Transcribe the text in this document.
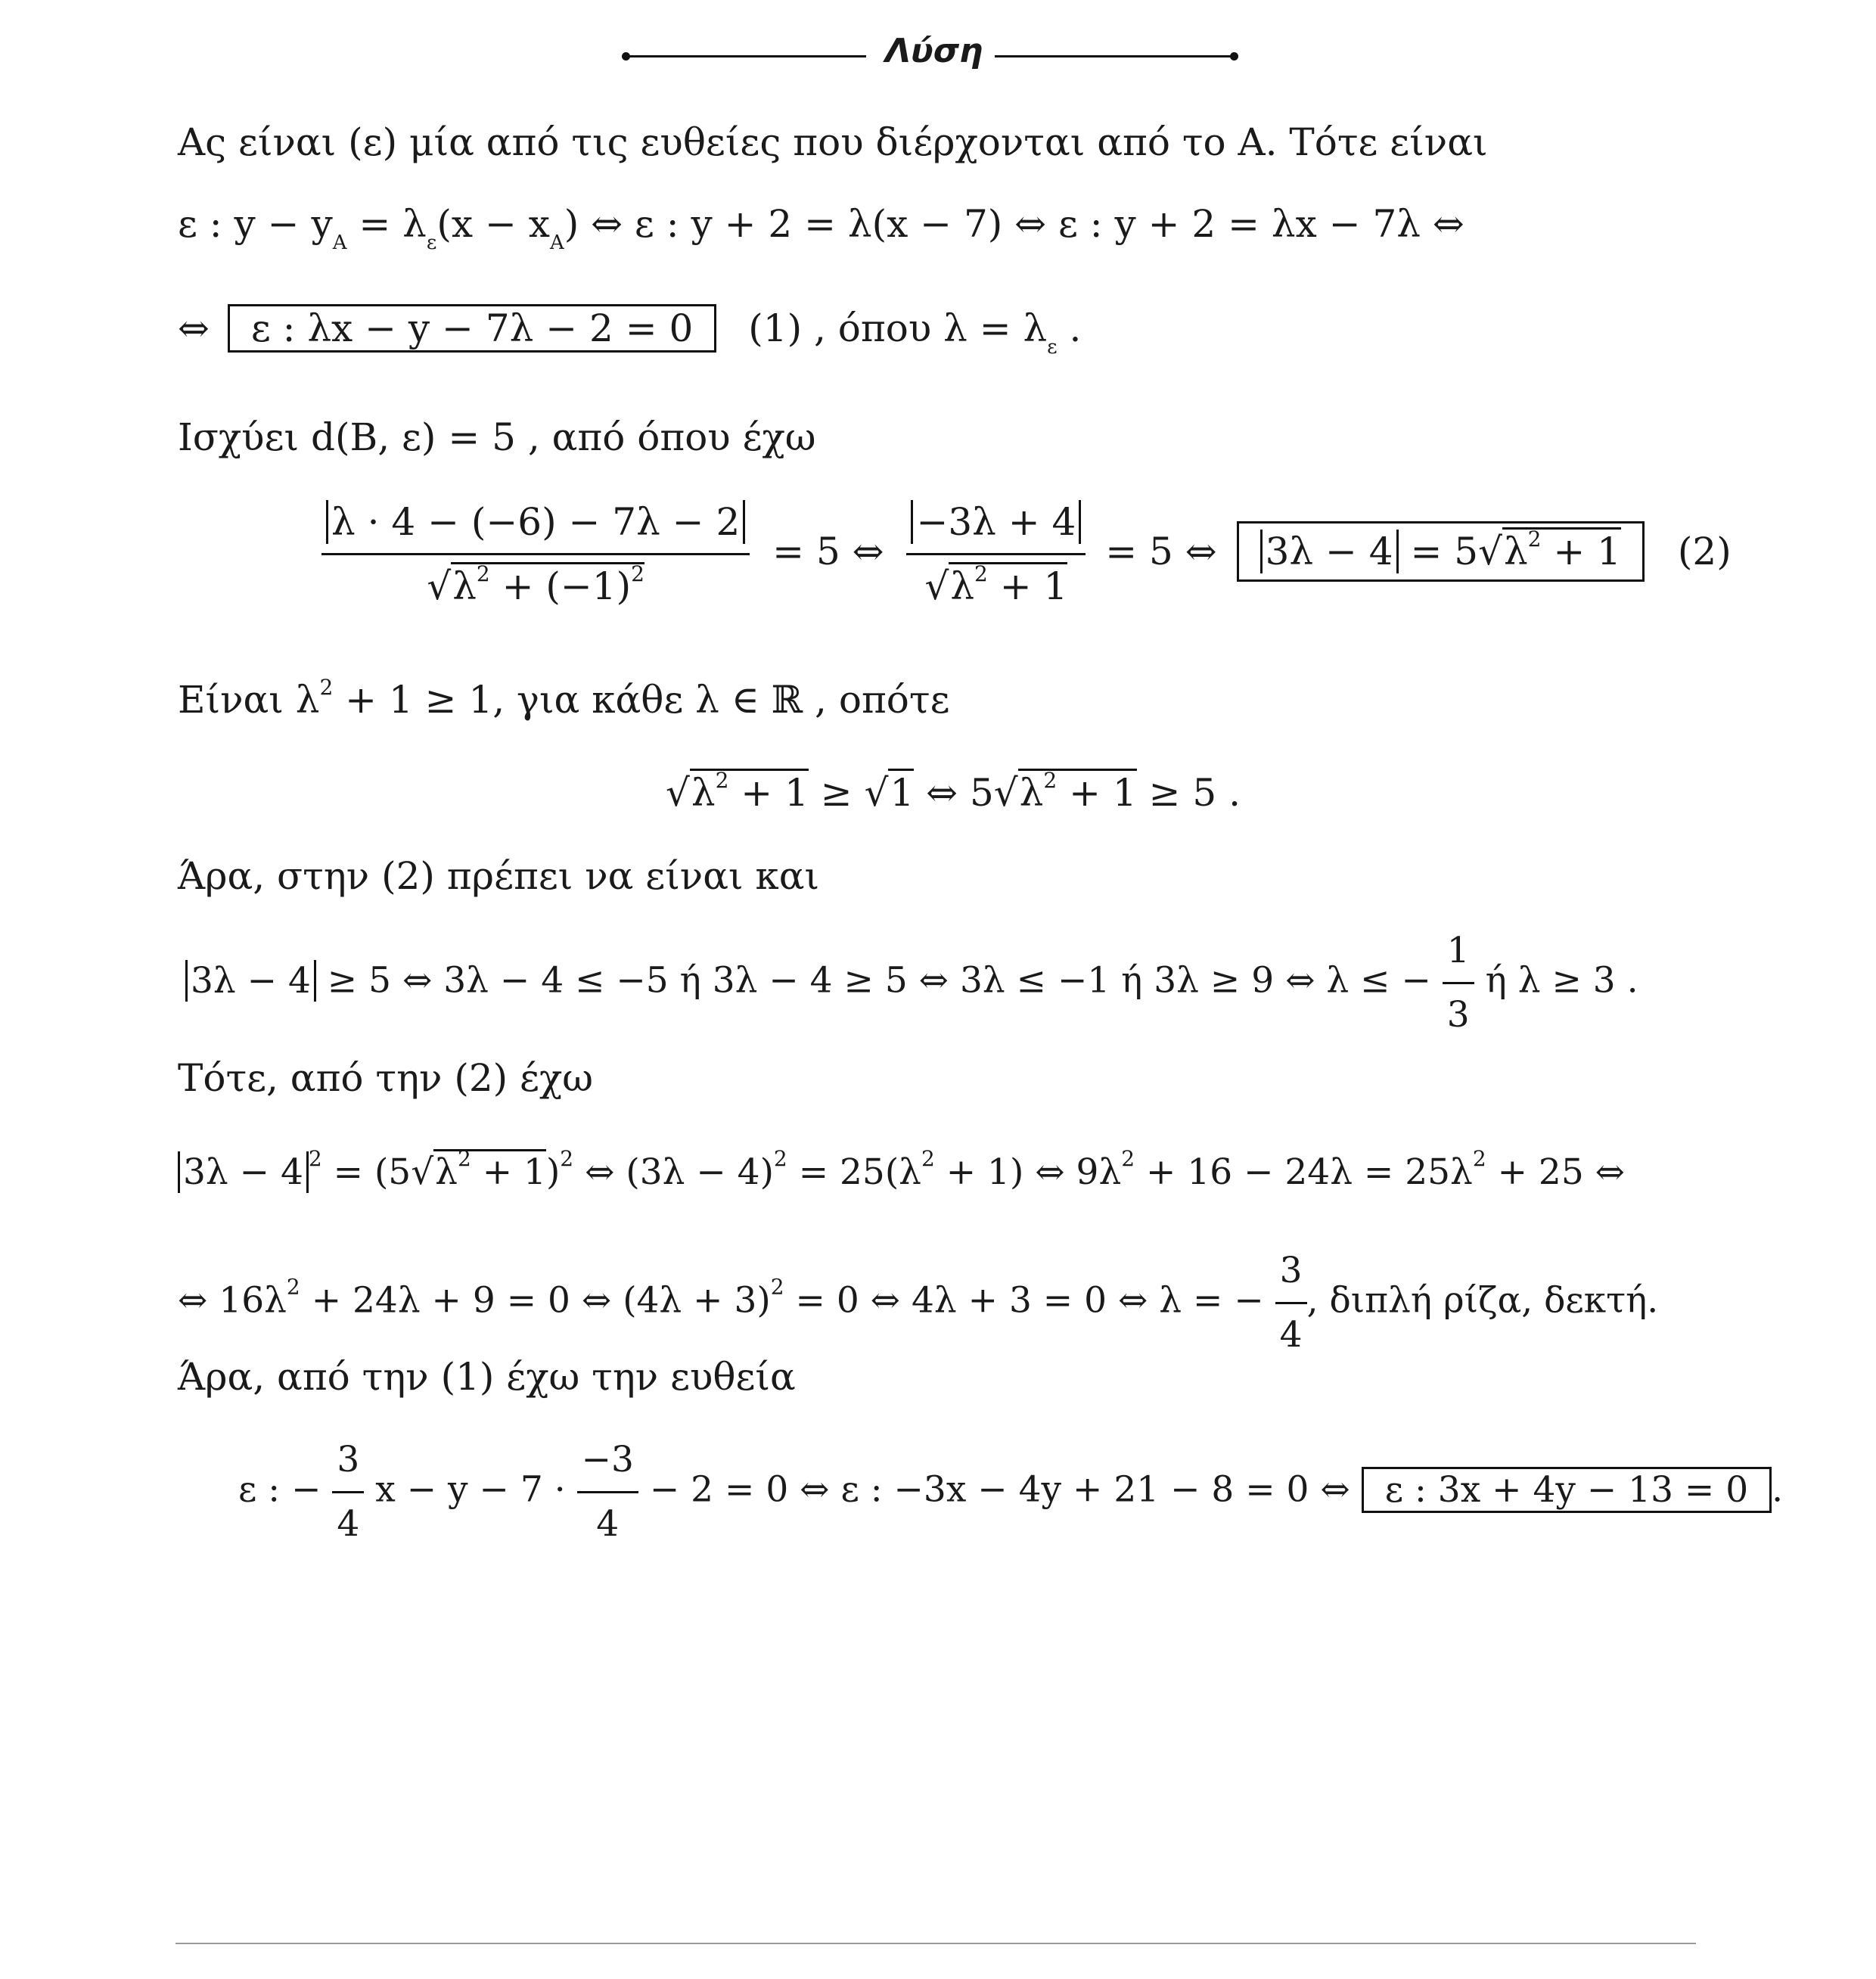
Λύση
Ας είναι (ε) μία από τις ευθείες που διέρχονται από το Α. Τότε είναι
ε : $y - y_A = \lambda_\varepsilon(x - x_A)$ ⇔ ε : y + 2 = λ(x − 7) ⇔ ε : y + 2 = λx − 7λ ⇔
⇔ ε : λx − y − 7λ − 2 = 0 (1) , όπου $\lambda = \lambda_\varepsilon$ .
Ισχύει d(B, ε) = 5 , από όπου έχω
$\frac{\lambda \cdot 4 - (-6) - 7\lambda - 2}{√\lambda^2 + (-1)^2} = 5$ ⇔ $\frac{-3\lambda + 4}{√\lambda^2 + 1} = 5$ ⇔ $3\lambda - 4 = 5√\lambda^2 + 1$ (2)
Είναι $\lambda^2 + 1 \ge 1$, για κάθε λ ∈ ℝ , οπότε
$√\lambda^2 + 1 \ge √1$ ⇔ $5√\lambda^2 + 1 \ge 5$ .
Άρα, στην (2) πρέπει να είναι και
3λ − 4 ≥ 5 ⇔ 3λ − 4 ≤ −5 ή 3λ − 4 ≥ 5 ⇔ 3λ ≤ −1 ή 3λ ≥ 9 ⇔ λ ≤ − $\frac{1}{3}$ ή λ ≥ 3 .
Τότε, από την (2) έχω
3λ − 4 $^2 = (5√\lambda^2 + 1)^2$ ⇔ $(3\lambda - 4)^2 = 25(\lambda^2 + 1)$ ⇔ $9\lambda^2 + 16 - 24\lambda = 25\lambda^2 + 25$ ⇔
⇔ $16\lambda^2 + 24\lambda + 9 = 0$ ⇔ $(4\lambda + 3)^2 = 0$ ⇔ 4λ + 3 = 0 ⇔ λ = − $\frac{3}{4}$ , διπλή ρίζα, δεκτή.
Άρα, από την (1) έχω την ευθεία
ε : − $\frac{3}{4}$ $x - y - 7 \cdot \frac{-3}{4} - 2 = 0$ ⇔ ε : −3x − 4y + 21 − 8 = 0 ⇔ ε : 3x + 4y − 13 = 0 .
